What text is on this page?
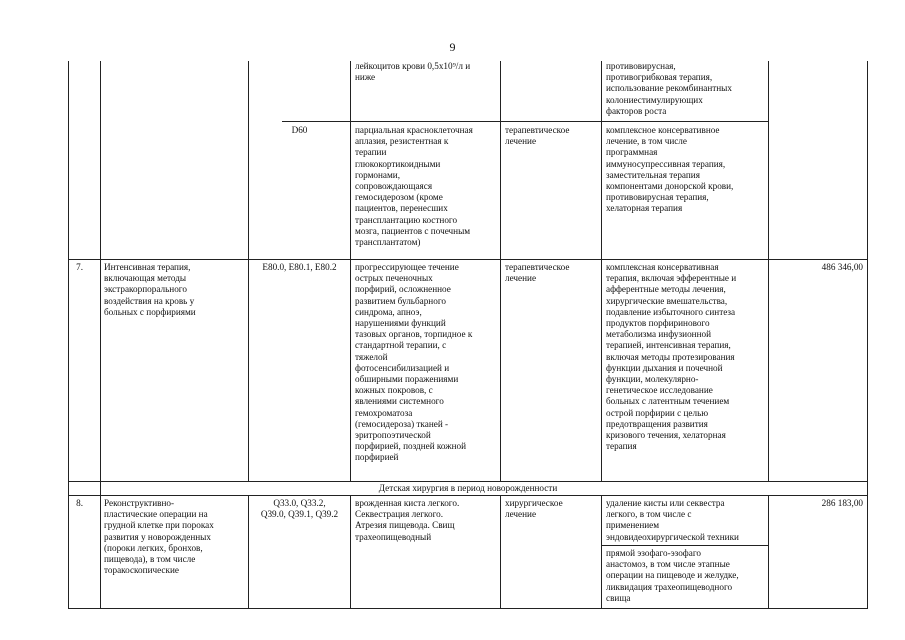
9
лейкоцитов крови 0,5x10⁹/л и
ниже
противовирусная,
противогрибковая терапия,
использование рекомбинантных
колониестимулирующих
факторов роста
D60	парциальная красноклеточная
аплазия, резистентная к
терапии
глюкокортикоидными
гормонами,
сопровождающаяся
гемосидерозом (кроме
пациентов, перенесших
трансплантацию костного
мозга, пациентов с почечным
трансплантатом)
терапевтическое
лечение
комплексное консервативное
лечение, в том числе
программная
иммуносупрессивная терапия,
заместительная терапия
компонентами донорской крови,
противовирусная терапия,
хелаторная терапия
7. Интенсивная терапия,
включающая методы
экстракорпорального
воздействия на кровь у
больных с порфириями
E80.0, E80.1, E80.2	прогрессирующее течение
острых печеночных
порфирий, осложненное
развитием бульбарного
синдрома, апноэ,
нарушениями функций
тазовых органов, торпидное к
стандартной терапии, с
тяжелой
фотосенсибилизацией и
обширными поражениями
кожных покровов, с
явлениями системного
гемохроматоза
(гемосидероза) тканей -
эритропоэтической
порфирией, поздней кожной
порфирией
терапевтическое
лечение
комплексная консервативная
терапия, включая эфферентные и
афферентные методы лечения,
хирургические вмешательства,
подавление избыточного синтеза
продуктов порфиринового
метаболизма инфузионной
терапией, интенсивная терапия,
включая методы протезирования
функции дыхания и почечной
функции, молекулярно-
генетическое исследование
больных с латентным течением
острой порфирии с целью
предотвращения развития
кризового течения, хелаторная
терапия
486 346,00
Детская хирургия в период новорожденности
8. Реконструктивно-
пластические операции на
грудной клетке при пороках
развития у новорожденных
(пороки легких, бронхов,
пищевода), в том числе
торакоскопические
Q33.0, Q33.2,
Q39.0, Q39.1, Q39.2
врожденная киста легкого.
Секвестрация легкого.
Атрезия пищевода. Свищ
трахеопищеводный
хирургическое
лечение
удаление кисты или секвестра
легкого, в том числе с
применением
эндовидеохирургической техники
прямой эзофаго-эзофаго
анастомоз, в том числе этапные
операции на пищеводе и желудке,
ликвидация трахеопищеводного
свища
286 183,00
